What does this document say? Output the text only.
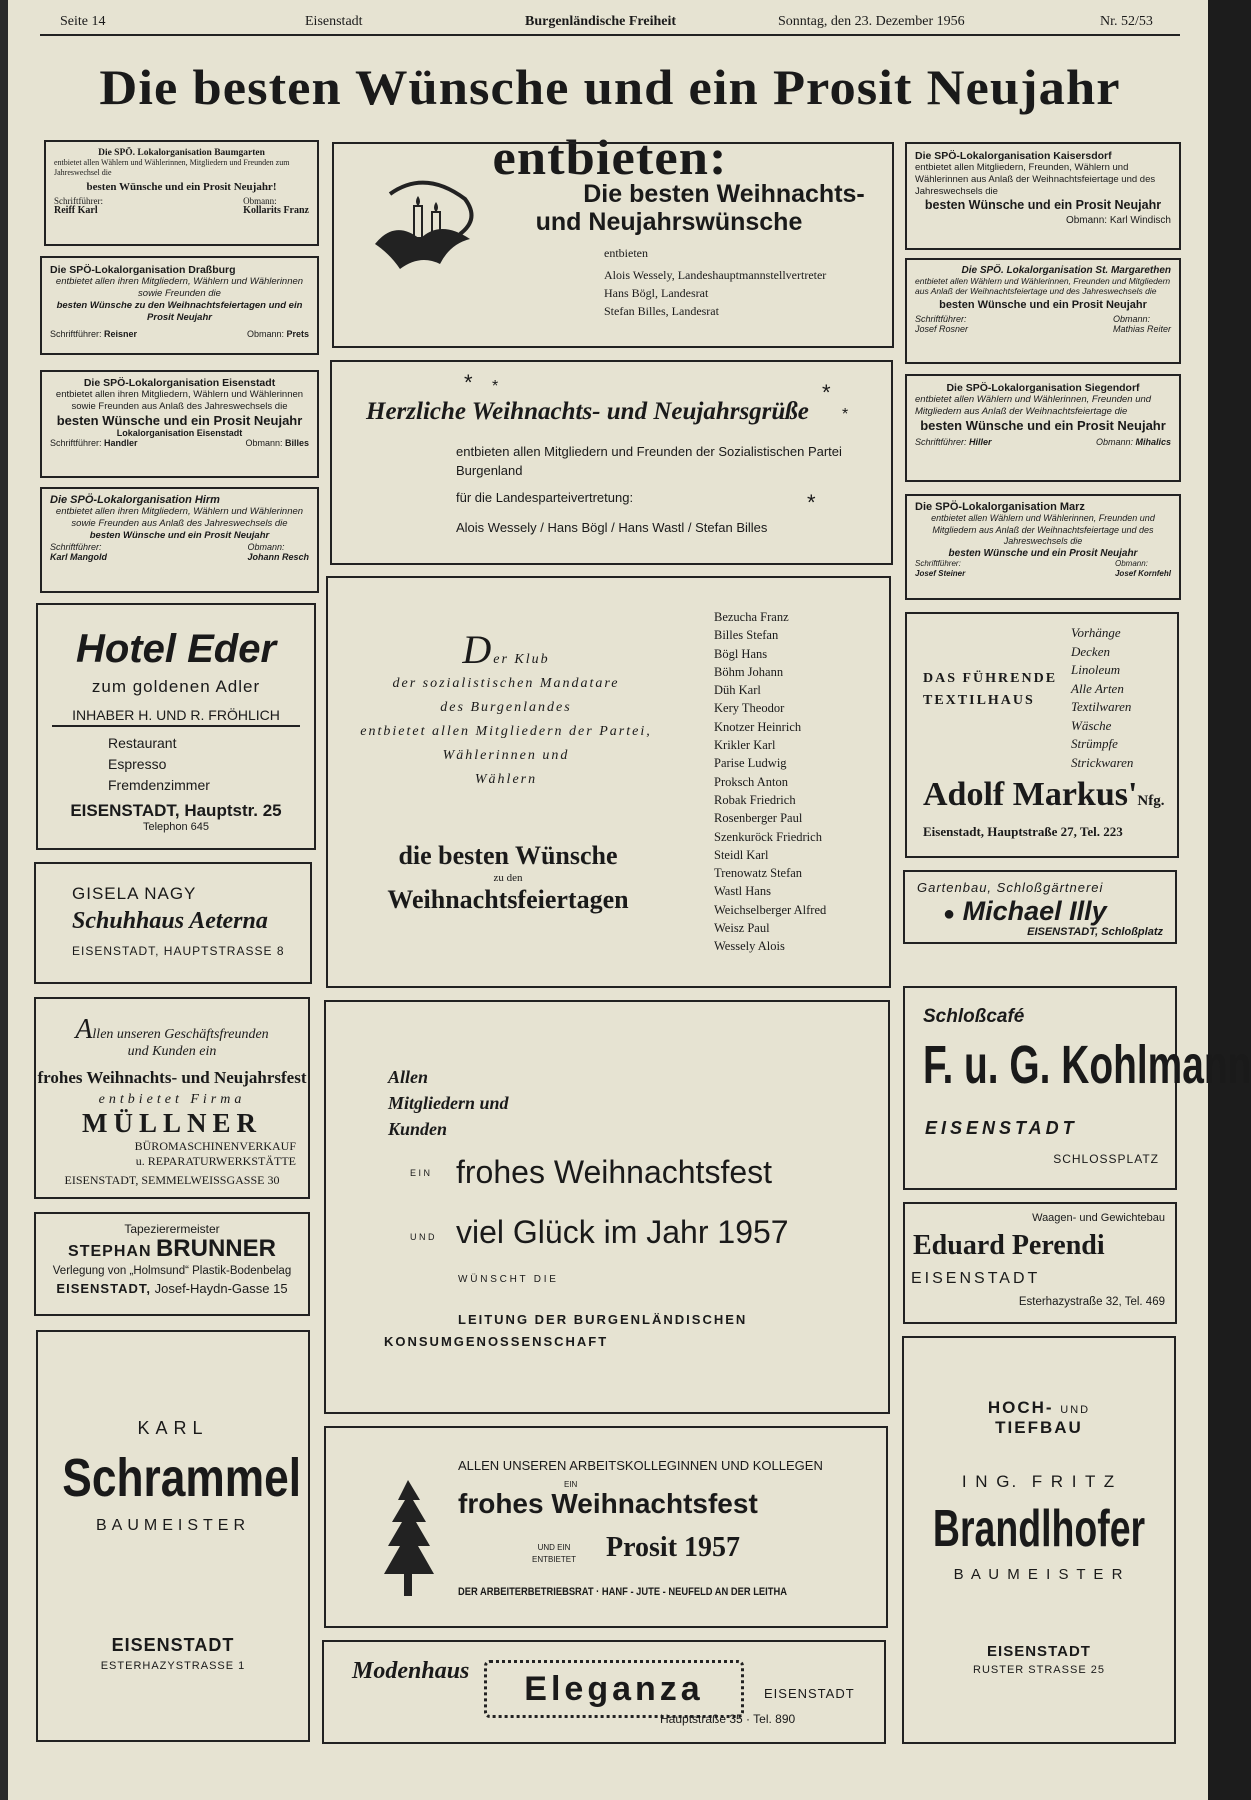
Seite 14	Eisenstadt	Burgenländische Freiheit	Sonntag, den 23. Dezember 1956	Nr. 52/53
Die besten Wünsche und ein Prosit Neujahr entbieten:
Die SPÖ. Lokalorganisation Baumgarten
entbietet allen Wählern und Wählerinnen, Mitgliedern und Freunden zum Jahreswechsel die
besten Wünsche und ein Prosit Neujahr!
Schriftführer:
Reiff Karl
Obmann:
Kollarits Franz
Die SPÖ-Lokalorganisation Draßburg
entbietet allen ihren Mitgliedern, Wählern und Wählerinnen sowie Freunden die
besten Wünsche zu den Weihnachtsfeiertagen und ein Prosit Neujahr
Schriftführer: Reisner	Obmann: Prets
Die SPÖ-Lokalorganisation Eisenstadt
entbietet allen ihren Mitgliedern, Wählern und Wählerinnen sowie Freunden aus Anlaß des Jahreswechsels die
besten Wünsche und ein Prosit Neujahr
Lokalorganisation Eisenstadt
Schriftführer: Handler	Obmann: Billes
Die SPÖ-Lokalorganisation Hirm
entbietet allen ihren Mitgliedern, Wählern und Wählerinnen sowie Freunden aus Anlaß des Jahreswechsels die
besten Wünsche und ein Prosit Neujahr
Schriftführer:
Karl Mangold
Obmann:
Johann Resch
Hotel Eder
zum goldenen Adler
INHABER H. UND R. FRÖHLICH
Restaurant
Espresso
Fremdenzimmer
EISENSTADT, Hauptstr. 25
Telephon 645
GISELA NAGY
Schuhhaus Aeterna
EISENSTADT, HAUPTSTRASSE 8
Allen unseren Geschäftsfreunden
und Kunden ein
frohes Weihnachts- und Neujahrsfest
entbietet Firma
MÜLLNER
BÜROMASCHINENVERKAUF
u. REPARATURWERKSTÄTTE
EISENSTADT, SEMMELWEISSGASSE 30
Tapezierermeister
STEPHAN BRUNNER
Verlegung von „Holmsund“ Plastik-Bodenbelag
EISENSTADT, Josef-Haydn-Gasse 15
KARL
Schrammel
BAUMEISTER
EISENSTADT
ESTERHAZYSTRASSE 1
Die besten Weihnachts-
und Neujahrswünsche
entbieten
Alois Wessely, Landeshauptmannstellvertreter
Hans Bögl, Landesrat
Stefan Billes, Landesrat
* *	*
*
*
Herzliche Weihnachts- und Neujahrsgrüße
entbieten allen Mitgliedern und Freunden der Sozialistischen Partei Burgenland
für die Landesparteivertretung:
Alois Wessely / Hans Bögl / Hans Wastl / Stefan Billes
Der Klub
der sozialistischen Mandatare
des Burgenlandes
entbietet allen Mitgliedern der Partei,
Wählerinnen und
Wählern
die besten Wünsche
zu den
Weihnachtsfeiertagen
Bezucha Franz
Billes Stefan
Bögl Hans
Böhm Johann
Düh Karl
Kery Theodor
Knotzer Heinrich
Krikler Karl
Parise Ludwig
Proksch Anton
Robak Friedrich
Rosenberger Paul
Szenkuröck Friedrich
Steidl Karl
Trenowatz Stefan
Wastl Hans
Weichselberger Alfred
Weisz Paul
Wessely Alois
Allen
Mitgliedern und
Kunden
E I N frohes Weihnachtsfest
U N D viel Glück im Jahr 1957
W Ü N S C H T   D I E
LEITUNG DER BURGENLÄNDISCHEN
KONSUMGENOSSENSCHAFT
ALLEN UNSEREN ARBEITSKOLLEGINNEN UND KOLLEGEN
EIN
frohes Weihnachtsfest
UND EIN
ENTBIETET Prosit 1957
DER ARBEITERBETRIEBSRAT · HANF - JUTE - NEUFELD AN DER LEITHA
Modenhaus	Eleganza	EISENSTADT
Hauptstraße 35 · Tel. 890
Die SPÖ-Lokalorganisation Kaisersdorf
entbietet allen Mitgliedern, Freunden, Wählern und Wählerinnen aus Anlaß der Weihnachtsfeiertage und des Jahreswechsels die
besten Wünsche und ein Prosit Neujahr
Obmann: Karl Windisch
Die SPÖ. Lokalorganisation St. Margarethen
entbietet allen Wählern und Wählerinnen, Freunden und Mitgliedern aus Anlaß der Weihnachtsfeiertage und des Jahreswechsels die
besten Wünsche und ein Prosit Neujahr
Schriftführer:
Josef Rosner
Obmann:
Mathias Reiter
Die SPÖ-Lokalorganisation Siegendorf
entbietet allen Wählern und Wählerinnen, Freunden und Mitgliedern aus Anlaß der Weihnachtsfeiertage die
besten Wünsche und ein Prosit Neujahr
Schriftführer: Hiller	Obmann: Mihalics
Die SPÖ-Lokalorganisation Marz
entbietet allen Wählern und Wählerinnen, Freunden und Mitgliedern aus Anlaß der Weihnachtsfeiertage und des Jahreswechsels die
besten Wünsche und ein Prosit Neujahr
Schriftführer:
Josef Steiner
Obmann:
Josef Kornfehl
DAS FÜHRENDE
TEXTILHAUS
Vorhänge
Decken
Linoleum
Alle Arten
Textilwaren
Wäsche
Strümpfe
Strickwaren
Adolf Markus'Nfg.
Eisenstadt, Hauptstraße 27, Tel. 223
Gartenbau, Schloßgärtnerei
● Michael Illy
EISENSTADT, Schloßplatz
Schloßcafé
F. u. G. Kohlmann
EISENSTADT
SCHLOSSPLATZ
Waagen- und Gewichtebau
Eduard Perendi
EISENSTADT
Esterhazystraße 32, Tel. 469
HOCH- UND
TIEFBAU
I N G.  F R I T Z
Brandlhofer
B A U M E I S T E R
EISENSTADT
RUSTER STRASSE 25
